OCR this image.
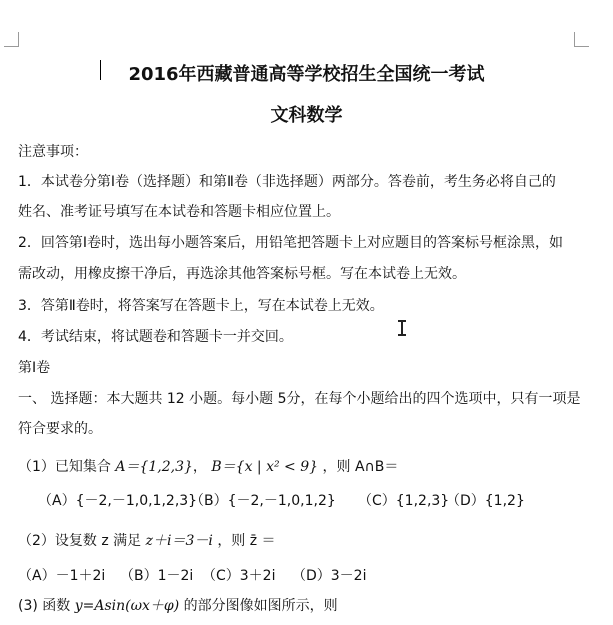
2016年西藏普通高等学校招生全国统一考试
文科数学
注意事项：
1．本试卷分第Ⅰ卷（选择题）和第Ⅱ卷（非选择题）两部分。答卷前，考生务必将自己的
姓名、准考证号填写在本试卷和答题卡相应位置上。
2．回答第Ⅰ卷时，选出每小题答案后，用铅笔把答题卡上对应题目的答案标号框涂黑，如
需改动，用橡皮擦干净后，再选涂其他答案标号框。写在本试卷上无效。
3．答第Ⅱ卷时，将答案写在答题卡上，写在本试卷上无效。
4．考试结束，将试题卷和答题卡一并交回。
第Ⅰ卷
一、 选择题：本大题共 12 小题。每小题 5分，在每个小题给出的四个选项中，只有一项是
符合要求的。
（1）已知集合 A＝{1,2,3}， B＝{x | x² < 9} ，则 A∩B＝
（A）{－2,－1,0,1,2,3}
（B）{－2,－1,0,1,2} （C）{1,2,3}
（D）{1,2}
（2）设复数 z 满足 z＋i＝3－i ，则 z̄ ＝
（A）－1＋2i （B）1－2i （C）3＋2i （D）3－2i
(3) 函数 y=Asin(ωx＋φ) 的部分图像如图所示，则
